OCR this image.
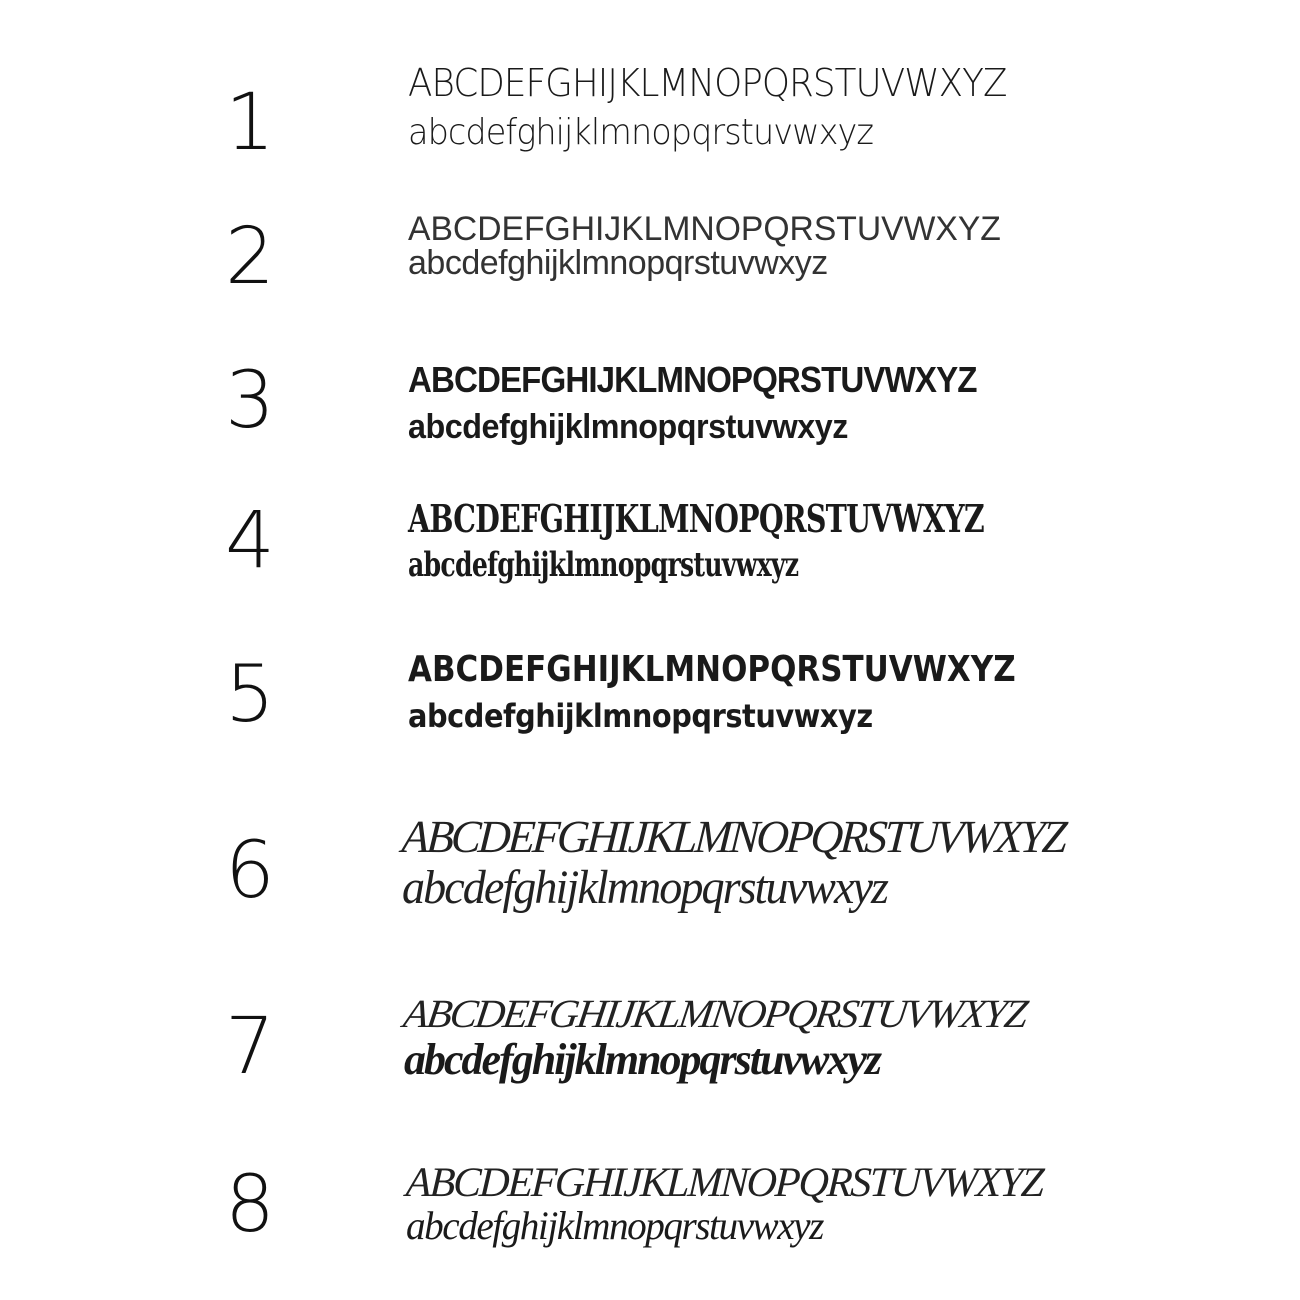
1	ABCDEFGHIJKLMNOPQRSTUVWXYZ
abcdefghijklmnopqrstuvwxyz
2	ABCDEFGHIJKLMNOPQRSTUVWXYZ
abcdefghijklmnopqrstuvwxyz
3	ABCDEFGHIJKLMNOPQRSTUVWXYZ
abcdefghijklmnopqrstuvwxyz
4	ABCDEFGHIJKLMNOPQRSTUVWXYZ
abcdefghijklmnopqrstuvwxyz
5	ABCDEFGHIJKLMNOPQRSTUVWXYZ
abcdefghijklmnopqrstuvwxyz
6	ABCDEFGHIJKLMNOPQRSTUVWXYZ
abcdefghijklmnopqrstuvwxyz
7	ABCDEFGHIJKLMNOPQRSTUVWXYZ
abcdefghijklmnopqrstuvwxyz
8	ABCDEFGHIJKLMNOPQRSTUVWXYZ
abcdefghijklmnopqrstuvwxyz
